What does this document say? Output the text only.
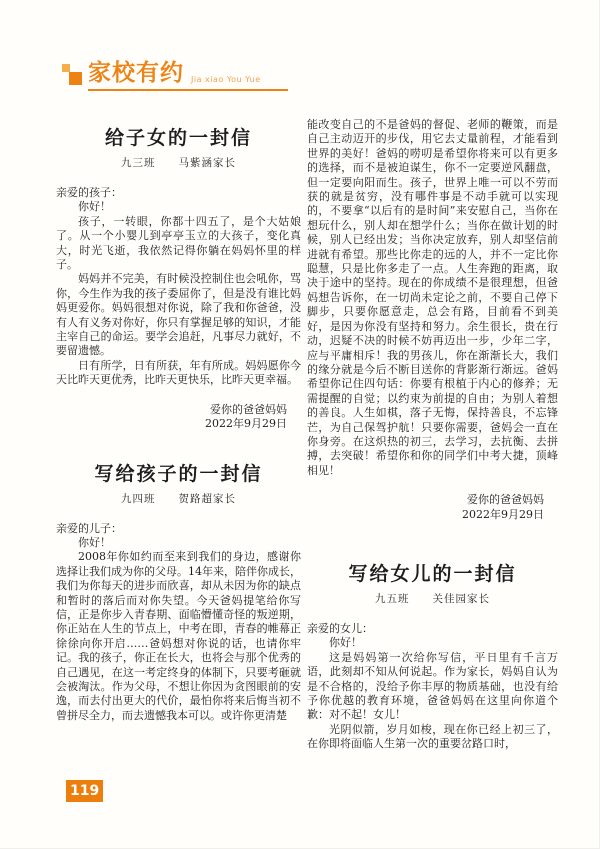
家校有约 Jia xiao You Yue
给子女的一封信
九三班　　马紫涵家长

亲爱的孩子：

你好！

孩子，一转眼，你都十四五了，是个大姑娘了。从一个小婴儿到亭亭玉立的大孩子，变化真大，时光飞逝，我依然记得你躺在妈妈怀里的样子。

妈妈并不完美，有时候没控制住也会吼你，骂你，今生作为我的孩子委屈你了，但是没有谁比妈妈更爱你。妈妈很想对你说，除了我和你爸爸，没有人有义务对你好，你只有掌握足够的知识，才能主宰自己的命运。要学会追赶，凡事尽力就好，不要留遗憾。

日有所学，日有所获，年有所成。妈妈愿你今天比昨天更优秀，比昨天更快乐，比昨天更幸福。

爱你的爸爸妈妈
2022年9月29日
写给孩子的一封信
九四班　　贺路超家长

亲爱的儿子：

你好！

2008年你如约而至来到我们的身边，感谢你选择让我们成为你的父母。14年来，陪伴你成长，我们为你每天的进步而欣喜，却从未因为你的缺点和暂时的落后而对你失望。今天爸妈提笔给你写信，正是你步入青春期、面临懵懂奇怪的叛逆期，你正站在人生的节点上，中考在即，青春的帷幕正徐徐向你开启……爸妈想对你说的话，也请你牢记。我的孩子，你正在长大，也将会与那个优秀的自己遇见，在这一考定终身的体制下，只要考砸就会被淘汰。作为父母，不想让你因为贪图眼前的安逸，而去付出更大的代价，最怕你将来后悔当初不曾拼尽全力，而去遗憾我本可以。或许你更清楚

能改变自己的不是爸妈的督促、老师的鞭策，而是自己主动迈开的步伐，用它去丈量前程，才能看到世界的美好！爸妈的唠叨是希望你将来可以有更多的选择，而不是被迫谋生，你不一定要逆风翻盘，但一定要向阳而生。孩子，世界上唯一可以不劳而获的就是贫穷，没有哪件事是不动手就可以实现的，不要拿“以后有的是时间”来安慰自己，当你在想玩什么，别人却在想学什么；当你在做计划的时候，别人已经出发；当你决定放弃，别人却坚信前进就有希望。那些比你走的远的人，并不一定比你聪慧，只是比你多走了一点。人生奔跑的距离，取决于途中的坚持。现在的你成绩不是很理想，但爸妈想告诉你，在一切尚未定论之前，不要自己停下脚步，只要你愿意走，总会有路，目前看不到美好，是因为你没有坚持和努力。余生很长，贵在行动，迟疑不决的时候不妨再迈出一步，少年二字，应与平庸相斥！我的男孩儿，你在渐渐长大，我们的缘分就是今后不断目送你的背影渐行渐远。爸妈希望你记住四句话：你要有根植于内心的修养；无需提醒的自觉；以约束为前提的自由；为别人着想的善良。人生如棋，落子无悔，保持善良，不忘锋芒，为自己保驾护航！只要你需要，爸妈会一直在你身旁。在这炽热的初三，去学习，去抗衡、去拼搏，去突破！希望你和你的同学们中考大捷，顶峰相见！

爱你的爸爸妈妈
2022年9月29日
写给女儿的一封信
九五班　　关佳园家长

亲爱的女儿：

你好！

这是妈妈第一次给你写信，平日里有千言万语，此刻却不知从何说起。作为家长，妈妈自认为是不合格的，没给予你丰厚的物质基础，也没有给予你优越的教育环境，爸爸妈妈在这里向你道个歉：对不起！女儿！

光阴似箭，岁月如梭，现在你已经上初三了，在你即将面临人生第一次的重要岔路口时，

119
